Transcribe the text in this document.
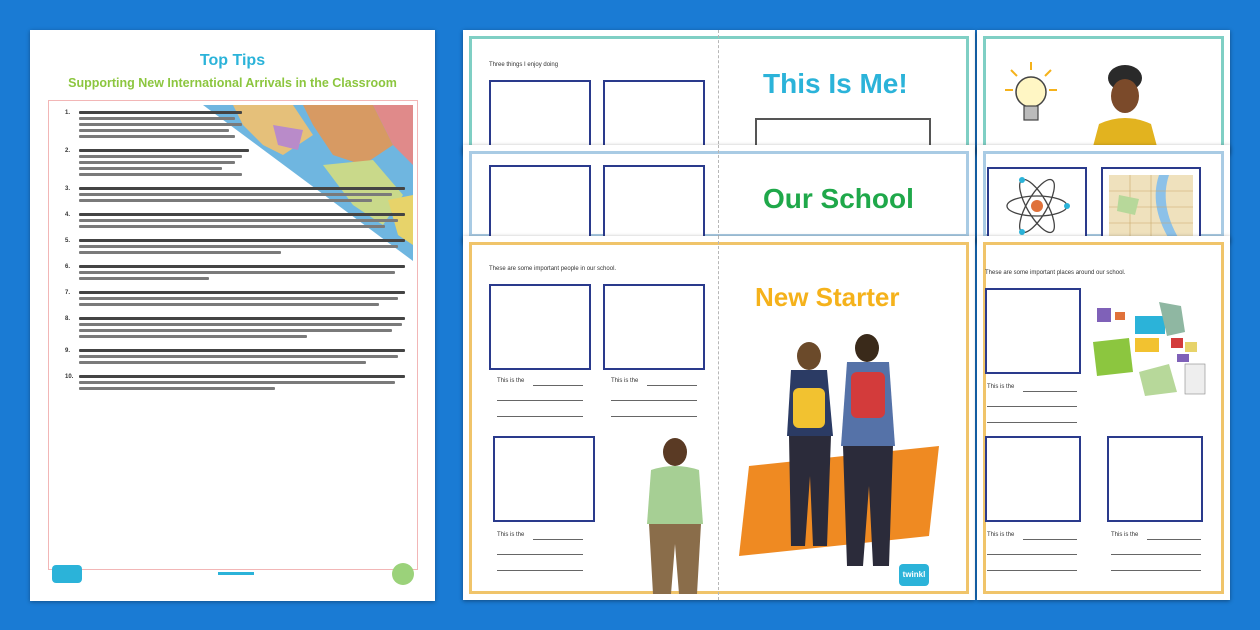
Top Tips
Supporting New International Arrivals in the Classroom
1.
2.
3.
4.
5.
6.
7.
8.
9.
10.
Three things I enjoy doing
This Is Me!
Our School
These are some important people in our school.
This is the	This is the
This is the
New Starter
twinkl
These are some important places around our school.
This is the
This is the	This is the
